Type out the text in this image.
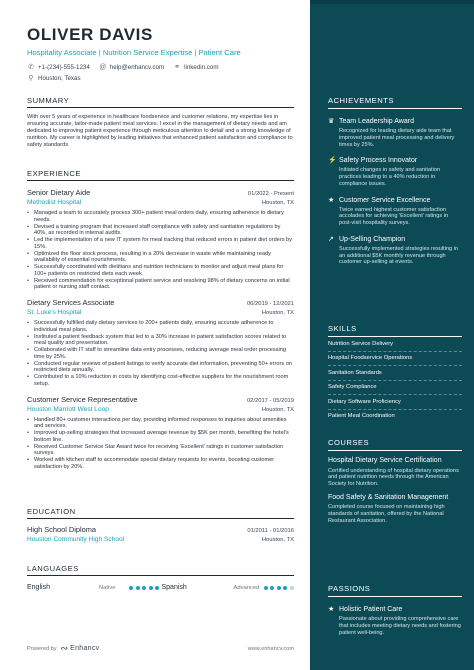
OLIVER DAVIS
Hospitality Associate | Nutrition Service Expertise | Patient Care
✆ +1-(234)-555-1234 @ help@enhancv.com ⚭ linkedin.com
⚲ Houston, Texas
SUMMARY
With over 5 years of experience in healthcare foodservice and customer relations, my expertise lies in ensuring accurate, tailor-made patient meal services. I excel in the management of dietary needs and am dedicated to improving patient experience through meticulous attention to detail and a strong knowledge of nutrition. My career is highlighted by leading initiatives that enhanced patient satisfaction and compliance to safety standards.
EXPERIENCE
Senior Dietary Aide	01/2022 - Present
Methodist Hospital	Houston, TX
• Managed a team to accurately process 300+ patient meal orders daily, ensuring adherence to dietary needs.
• Devised a training program that increased staff compliance with safety and sanitation regulations by 40%, as recorded in internal audits.
• Led the implementation of a new IT system for meal tracking that reduced errors in patient diet orders by 15%.
• Optimized the floor stock process, resulting in a 20% decrease in waste while maintaining ready availability of essential nourishments.
• Successfully coordinated with dietitians and nutrition technicians to monitor and adjust meal plans for 100+ patients on restricted diets each week.
• Received commendation for exceptional patient service and resolving 98% of dietary concerns on initial patient or nursing staff contact.
Dietary Services Associate	06/2019 - 12/2021
St. Luke's Hospital	Houston, TX
• Successfully fulfilled daily dietary services to 200+ patients daily, ensuring accurate adherence to individual meal plans.
• Instituted a patient feedback system that led to a 30% increase in patient satisfaction scores related to meal quality and presentation.
• Collaborated with IT staff to streamline data entry processes, reducing average meal order processing time by 25%.
• Conducted regular reviews of patient listings to verify accurate diet information, preventing 50+ errors on restricted diets annually.
• Contributed to a 10% reduction in costs by identifying cost-effective suppliers for the nourishment room setup.
Customer Service Representative	02/2017 - 05/2019
Houston Marriott West Loop	Houston, TX
• Handled 80+ customer interactions per day, providing informed responses to inquiries about amenities and services.
• Improved up-selling strategies that increased average revenue by $5K per month, benefiting the hotel's bottom line.
• Received Customer Service Star Award twice for receiving 'Excellent' ratings in customer satisfaction surveys.
• Worked with kitchen staff to accommodate special dietary requests for events, boosting customer satisfaction by 20%.
EDUCATION
High School Diploma	01/2011 - 01/2016
Houston Community High School	Houston, TX
LANGUAGES
English	Native	Spanish	Advanced
Powered by ∾ Enhancv	www.enhancv.com
ACHIEVEMENTS
♛ Team Leadership Award
Recognized for leading dietary aide team that improved patient meal processing and delivery times by 25%.
⚡ Safety Process Innovator
Initiated changes in safety and sanitation practices leading to a 40% reduction in compliance issues.
★ Customer Service Excellence
Twice earned highest customer satisfaction accolades for achieving 'Excellent' ratings in post-visit hospitality surveys.
↗ Up-Selling Champion
Successfully implemented strategies resulting in an additional $5K monthly revenue through customer up-selling at events.
SKILLS
Nutrition Service Delivery
Hospital Foodservice Operations
Sanitation Standards
Safety Compliance
Dietary Software Proficiency
Patient Meal Coordination
COURSES
Hospital Dietary Service Certification
Certified understanding of hospital dietary operations and patient nutrition needs through the American Society for Nutrition.
Food Safety & Sanitation Management
Completed course focused on maintaining high standards of sanitation, offered by the National Restaurant Association.
PASSIONS
★ Holistic Patient Care
Passionate about providing comprehensive care that includes meeting dietary needs and fostering patient well-being.
